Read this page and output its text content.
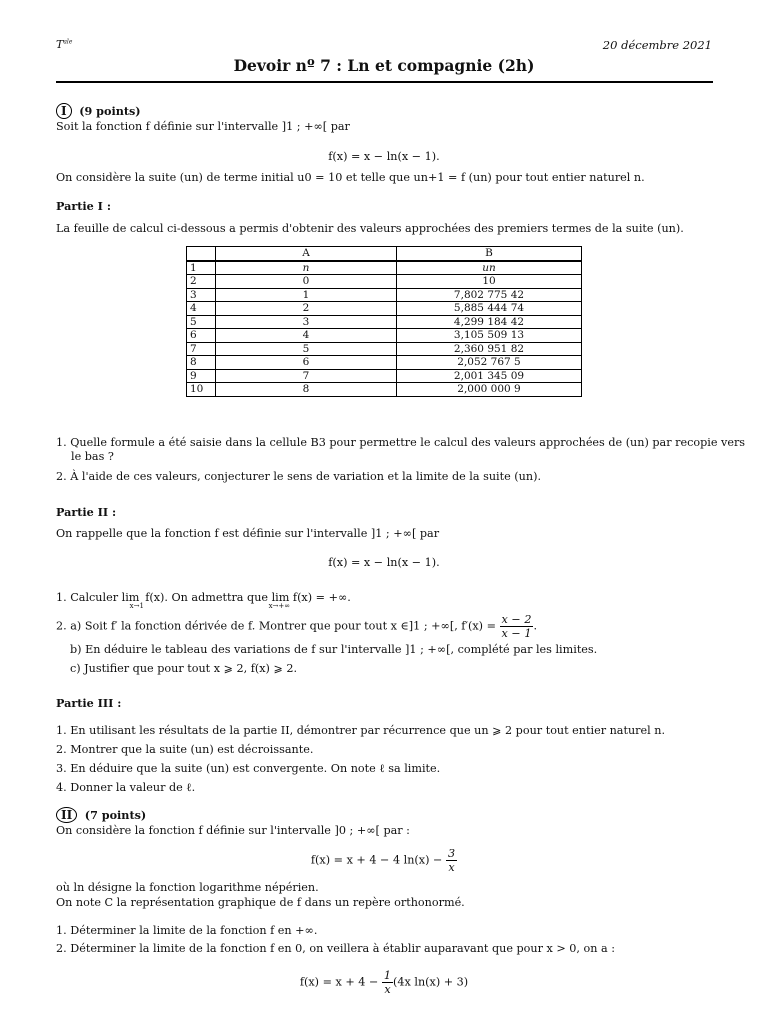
$T^{ale}$	20 décembre 2021
Devoir nº 7 : Ln et compagnie (2h)
I (9 points)
Soit la fonction f définie sur l'intervalle ]1 ; +∞[ par
f(x) = x − ln(x − 1).
On considère la suite (un) de terme initial u0 = 10 et telle que un+1 = f (un) pour tout entier naturel n.
Partie I :
La feuille de calcul ci-dessous a permis d'obtenir des valeurs approchées des premiers termes de la suite (un).
	A	B
1	n	un
2	0	10
3	1	7,802 775 42
4	2	5,885 444 74
5	3	4,299 184 42
6	4	3,105 509 13
7	5	2,360 951 82
8	6	2,052 767 5
9	7	2,001 345 09
10	8	2,000 000 9
1. Quelle formule a été saisie dans la cellule B3 pour permettre le calcul des valeurs approchées de (un) par recopie vers
le bas ?
2. À l'aide de ces valeurs, conjecturer le sens de variation et la limite de la suite (un).
Partie II :
On rappelle que la fonction f est définie sur l'intervalle ]1 ; +∞[ par
f(x) = x − ln(x − 1).
1. Calculer lim
x→1
f(x). On admettra que lim
x→+∞
f(x) = +∞.
2. a) Soit f′ la fonction dérivée de f. Montrer que pour tout x ∈]1 ; +∞[, $f'(x) = \frac{x - 2}{x - 1}$ .
b) En déduire le tableau des variations de f sur l'intervalle ]1 ; +∞[, complété par les limites.
c) Justifier que pour tout x ⩾ 2, f(x) ⩾ 2.
Partie III :
1. En utilisant les résultats de la partie II, démontrer par récurrence que un ⩾ 2 pour tout entier naturel n.
2. Montrer que la suite (un) est décroissante.
3. En déduire que la suite (un) est convergente. On note ℓ sa limite.
4. Donner la valeur de ℓ.
II (7 points)
On considère la fonction f définie sur l'intervalle ]0 ; +∞[ par :
f(x) = x + 4 − 4 $\ln(x) - \frac{3}{x}$
où ln désigne la fonction logarithme népérien.
On note C la représentation graphique de f dans un repère orthonormé.
1. Déterminer la limite de la fonction f en +∞.
2. Déterminer la limite de la fonction f en 0, on veillera à établir auparavant que pour x > 0, on a :
$f(x) = x + 4 - \frac{1}{x} (4x$ ln(x) + 3)
